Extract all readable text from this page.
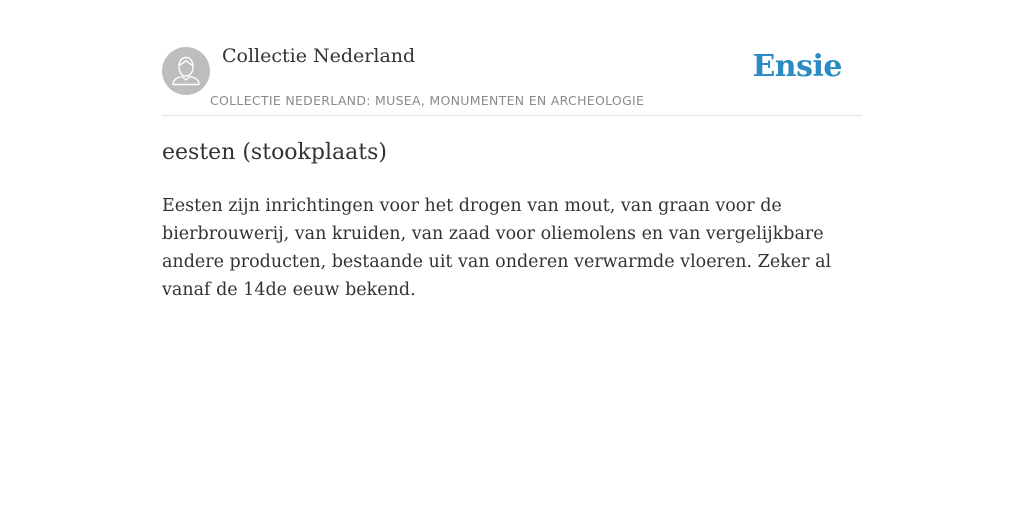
Collectie Nederland
COLLECTIE NEDERLAND: MUSEA, MONUMENTEN EN ARCHEOLOGIE
Ensie
eesten (stookplaats)

Eesten zijn inrichtingen voor het drogen van mout, van graan voor de bierbrouwerij, van kruiden, van zaad voor oliemolens en van vergelijkbare andere producten, bestaande uit van onderen verwarmde vloeren. Zeker al vanaf de 14de eeuw bekend.
